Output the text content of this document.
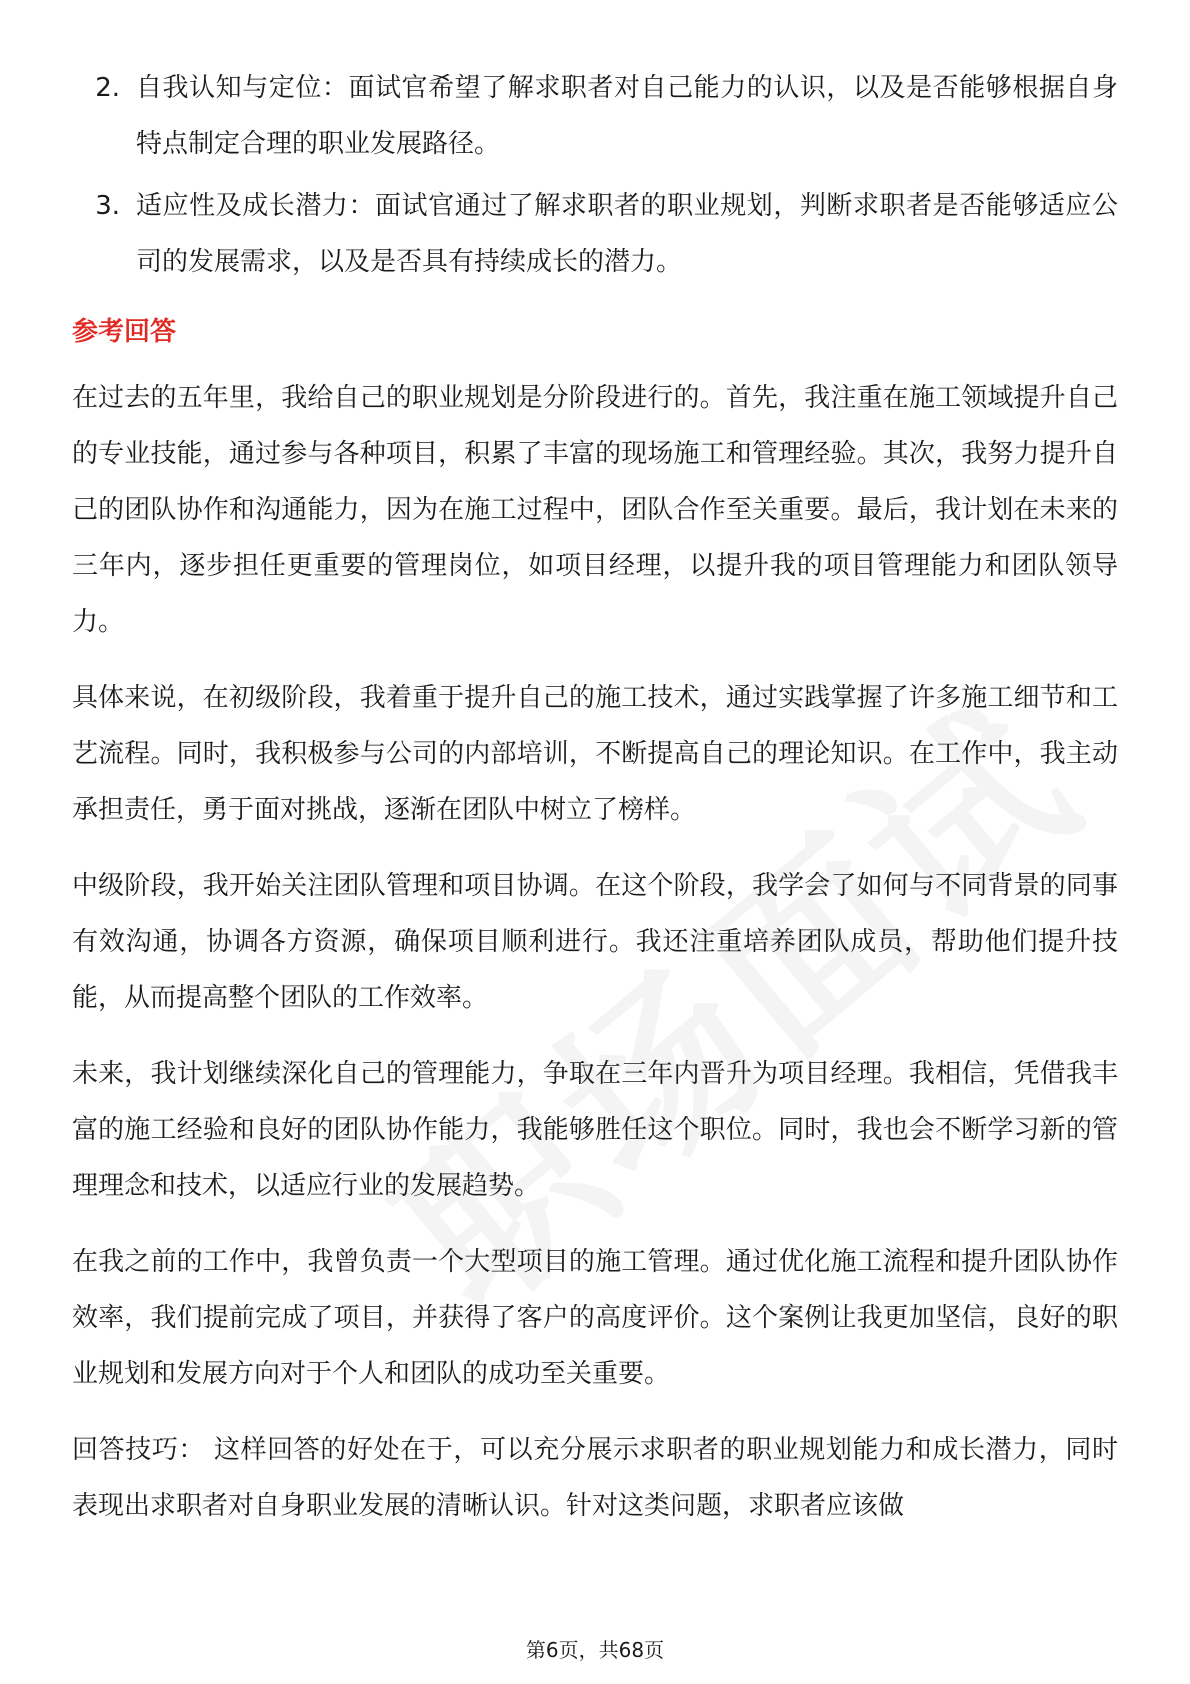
2. 自我认知与定位：面试官希望了解求职者对自己能力的认识，以及是否能够根据自身特点制定合理的职业发展路径。
3. 适应性及成长潜力：面试官通过了解求职者的职业规划，判断求职者是否能够适应公司的发展需求，以及是否具有持续成长的潜力。
参考回答

在过去的五年里，我给自己的职业规划是分阶段进行的。首先，我注重在施工领域提升自己的专业技能，通过参与各种项目，积累了丰富的现场施工和管理经验。其次，我努力提升自己的团队协作和沟通能力，因为在施工过程中，团队合作至关重要。最后，我计划在未来的三年内，逐步担任更重要的管理岗位，如项目经理，以提升我的项目管理能力和团队领导力。

具体来说，在初级阶段，我着重于提升自己的施工技术，通过实践掌握了许多施工细节和工艺流程。同时，我积极参与公司的内部培训，不断提高自己的理论知识。在工作中，我主动承担责任，勇于面对挑战，逐渐在团队中树立了榜样。

中级阶段，我开始关注团队管理和项目协调。在这个阶段，我学会了如何与不同背景的同事有效沟通，协调各方资源，确保项目顺利进行。我还注重培养团队成员，帮助他们提升技能，从而提高整个团队的工作效率。

未来，我计划继续深化自己的管理能力，争取在三年内晋升为项目经理。我相信，凭借我丰富的施工经验和良好的团队协作能力，我能够胜任这个职位。同时，我也会不断学习新的管理理念和技术，以适应行业的发展趋势。

在我之前的工作中，我曾负责一个大型项目的施工管理。通过优化施工流程和提升团队协作效率，我们提前完成了项目，并获得了客户的高度评价。这个案例让我更加坚信，良好的职业规划和发展方向对于个人和团队的成功至关重要。

回答技巧： 这样回答的好处在于，可以充分展示求职者的职业规划能力和成长潜力，同时表现出求职者对自身职业发展的清晰认识。针对这类问题，求职者应该做

第6页，共68页
